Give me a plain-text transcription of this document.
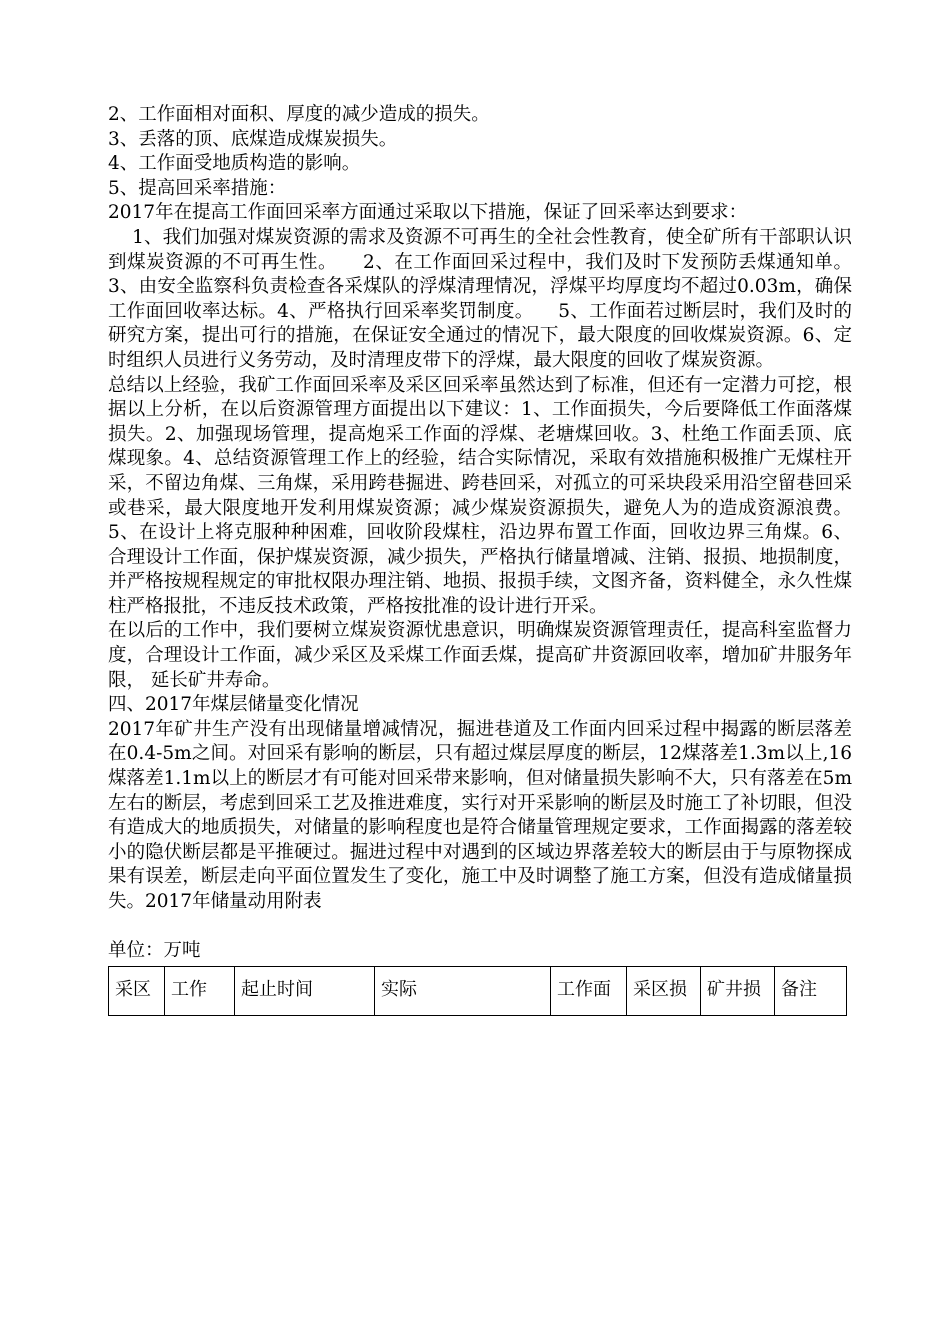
2、工作面相对面积、厚度的减少造成的损失。

3、丢落的顶、底煤造成煤炭损失。

4、工作面受地质构造的影响。

5、提高回采率措施：

2017年在提高工作面回采率方面通过采取以下措施，保证了回采率达到要求：

1、我们加强对煤炭资源的需求及资源不可再生的全社会性教育，使全矿所有干部职认识到煤炭资源的不可再生性。    2、在工作面回采过程中，我们及时下发预防丢煤通知单。3、由安全监察科负责检查各采煤队的浮煤清理情况，浮煤平均厚度均不超过0.03m，确保工作面回收率达标。4、严格执行回采率奖罚制度。    5、工作面若过断层时，我们及时的研究方案，提出可行的措施，在保证安全通过的情况下，最大限度的回收煤炭资源。6、定时组织人员进行义务劳动，及时清理皮带下的浮煤，最大限度的回收了煤炭资源。

总结以上经验，我矿工作面回采率及采区回采率虽然达到了标准，但还有一定潜力可挖，根据以上分析，在以后资源管理方面提出以下建议：1、工作面损失，今后要降低工作面落煤损失。2、加强现场管理，提高炮采工作面的浮煤、老塘煤回收。3、杜绝工作面丢顶、底煤现象。4、总结资源管理工作上的经验，结合实际情况，采取有效措施积极推广无煤柱开采，不留边角煤、三角煤，采用跨巷掘进、跨巷回采，对孤立的可采块段采用沿空留巷回采或巷采，最大限度地开发利用煤炭资源；减少煤炭资源损失，避免人为的造成资源浪费。5、在设计上将克服种种困难，回收阶段煤柱，沿边界布置工作面，回收边界三角煤。6、合理设计工作面，保护煤炭资源，减少损失，严格执行储量增减、注销、报损、地损制度，并严格按规程规定的审批权限办理注销、地损、报损手续，文图齐备，资料健全，永久性煤柱严格报批，不违反技术政策，严格按批准的设计进行开采。

在以后的工作中，我们要树立煤炭资源忧患意识，明确煤炭资源管理责任，提高科室监督力度，合理设计工作面，减少采区及采煤工作面丢煤，提高矿井资源回收率，增加矿井服务年限， 延长矿井寿命。

四、2017年煤层储量变化情况

2017年矿井生产没有出现储量增减情况，掘进巷道及工作面内回采过程中揭露的断层落差在0.4-5m之间。对回采有影响的断层，只有超过煤层厚度的断层，12煤落差1.3m以上,16煤落差1.1m以上的断层才有可能对回采带来影响，但对储量损失影响不大，只有落差在5m左右的断层，考虑到回采工艺及推进难度，实行对开采影响的断层及时施工了补切眼，但没有造成大的地质损失，对储量的影响程度也是符合储量管理规定要求，工作面揭露的落差较小的隐伏断层都是平推硬过。掘进过程中对遇到的区域边界落差较大的断层由于与原物探成果有误差，断层走向平面位置发生了变化，施工中及时调整了施工方案，但没有造成储量损失。2017年储量动用附表

单位：万吨

采区	工作	起止时间	实际	工作面	采区损	矿井损	备注
